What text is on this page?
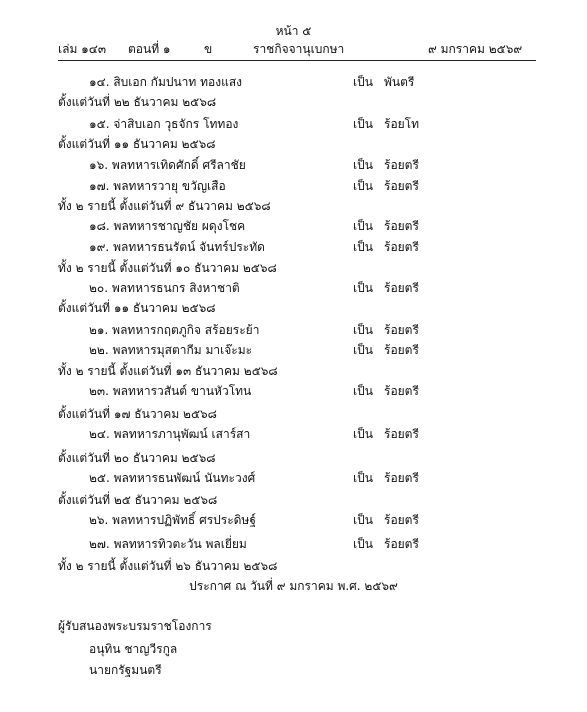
หน้า ๕
เล่ม ๑๔๓ ตอนที่ ๑	ข	ราชกิจจานุเบกษา	๙ มกราคม ๒๕๖๙
๑๔. สิบเอก กัมปนาท ทองแสง	เป็น พันตรี
ตั้งแต่วันที่ ๒๒ ธันวาคม ๒๕๖๘
๑๕. จ่าสิบเอก วุธจักร โททอง	เป็น ร้อยโท
ตั้งแต่วันที่ ๑๑ ธันวาคม ๒๕๖๘
๑๖. พลทหารเทิดศักดิ์ ศรีลาชัย	เป็น ร้อยตรี
๑๗. พลทหารวายุ ขวัญเสือ	เป็น ร้อยตรี
ทั้ง ๒ รายนี้ ตั้งแต่วันที่ ๙ ธันวาคม ๒๕๖๘
๑๘. พลทหารชาญชัย ผดุงโชค	เป็น ร้อยตรี
๑๙. พลทหารธนรัตน์ จันทร์ประทัด	เป็น ร้อยตรี
ทั้ง ๒ รายนี้ ตั้งแต่วันที่ ๑๐ ธันวาคม ๒๕๖๘
๒๐. พลทหารธนกร สิงหาชาติ	เป็น ร้อยตรี
ตั้งแต่วันที่ ๑๑ ธันวาคม ๒๕๖๘
๒๑. พลทหารกฤตภูกิจ สร้อยระย้า	เป็น ร้อยตรี
๒๒. พลทหารมุสตากีม มาเจ๊ะมะ	เป็น ร้อยตรี
ทั้ง ๒ รายนี้ ตั้งแต่วันที่ ๑๓ ธันวาคม ๒๕๖๘
๒๓. พลทหารวสันต์ ขานหัวโทน	เป็น ร้อยตรี
ตั้งแต่วันที่ ๑๗ ธันวาคม ๒๕๖๘
๒๔. พลทหารภานุพัฒน์ เสาร์สา	เป็น ร้อยตรี
ตั้งแต่วันที่ ๒๐ ธันวาคม ๒๕๖๘
๒๕. พลทหารธนพัฒน์ นันทะวงศ์	เป็น ร้อยตรี
ตั้งแต่วันที่ ๒๕ ธันวาคม ๒๕๖๘
๒๖. พลทหารปฏิพัทธิ์ ศรประดิษฐ์	เป็น ร้อยตรี
๒๗. พลทหารทิวตะวัน พลเยี่ยม	เป็น ร้อยตรี
ทั้ง ๒ รายนี้ ตั้งแต่วันที่ ๒๖ ธันวาคม ๒๕๖๘
ประกาศ ณ วันที่ ๙ มกราคม พ.ศ. ๒๕๖๙
ผู้รับสนองพระบรมราชโองการ
อนุทิน ชาญวีรกูล
นายกรัฐมนตรี
